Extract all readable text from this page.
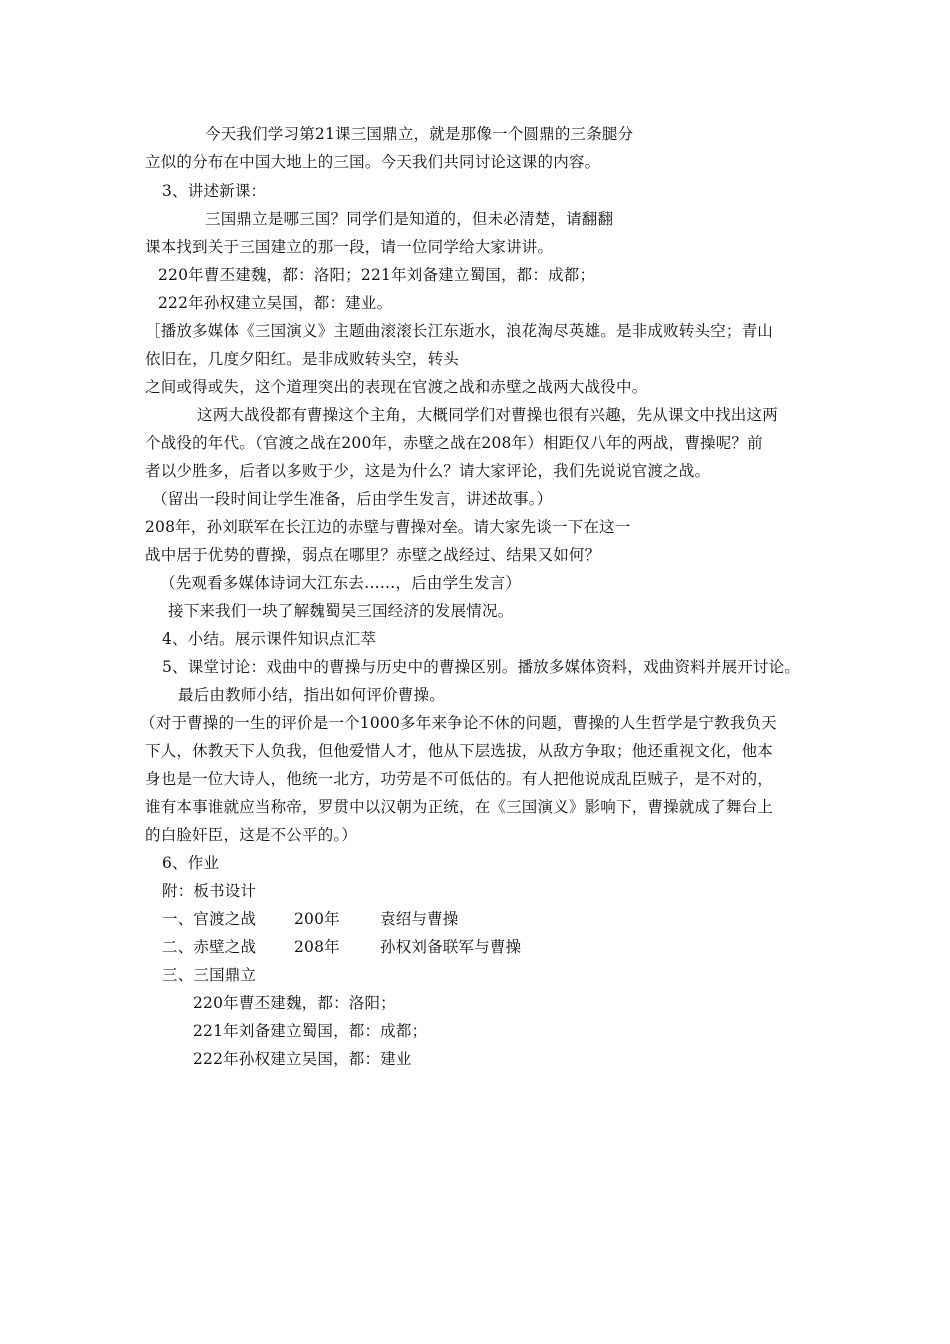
今天我们学习第21课三国鼎立，就是那像一个圆鼎的三条腿分
立似的分布在中国大地上的三国。今天我们共同讨论这课的内容。
3、讲述新课：
三国鼎立是哪三国？同学们是知道的，但未必清楚，请翻翻
课本找到关于三国建立的那一段，请一位同学给大家讲讲。
220年曹丕建魏，都：洛阳；221年刘备建立蜀国，都：成都；
222年孙权建立吴国，都：建业。
［播放多媒体《三国演义》主题曲滚滚长江东逝水，浪花淘尽英雄。是非成败转头空；青山
依旧在，几度夕阳红。是非成败转头空，转头
之间或得或失，这个道理突出的表现在官渡之战和赤壁之战两大战役中。
这两大战役都有曹操这个主角，大概同学们对曹操也很有兴趣，先从课文中找出这两
个战役的年代。（官渡之战在200年，赤壁之战在208年）相距仅八年的两战，曹操呢？前
者以少胜多，后者以多败于少，这是为什么？请大家评论，我们先说说官渡之战。
（留出一段时间让学生准备，后由学生发言，讲述故事。）
208年，孙刘联军在长江边的赤壁与曹操对垒。请大家先谈一下在这一
战中居于优势的曹操，弱点在哪里？赤壁之战经过、结果又如何？
（先观看多媒体诗词大江东去……，后由学生发言）
接下来我们一块了解魏蜀吴三国经济的发展情况。
4、小结。展示课件知识点汇萃
5、课堂讨论：戏曲中的曹操与历史中的曹操区别。播放多媒体资料，戏曲资料并展开讨论。
最后由教师小结，指出如何评价曹操。
（对于曹操的一生的评价是一个1000多年来争论不休的问题，曹操的人生哲学是宁教我负天
下人，休教天下人负我，但他爱惜人才，他从下层选拔，从敌方争取；他还重视文化，他本
身也是一位大诗人，他统一北方，功劳是不可低估的。有人把他说成乱臣贼子，是不对的，
谁有本事谁就应当称帝，罗贯中以汉朝为正统，在《三国演义》影响下，曹操就成了舞台上
的白脸奸臣，这是不公平的。）
6、作业
附：板书设计
一、官渡之战 200年	袁绍与曹操
二、赤壁之战 208年	孙权刘备联军与曹操
三、三国鼎立
220年曹丕建魏，都：洛阳；
221年刘备建立蜀国，都：成都；
222年孙权建立吴国，都：建业
